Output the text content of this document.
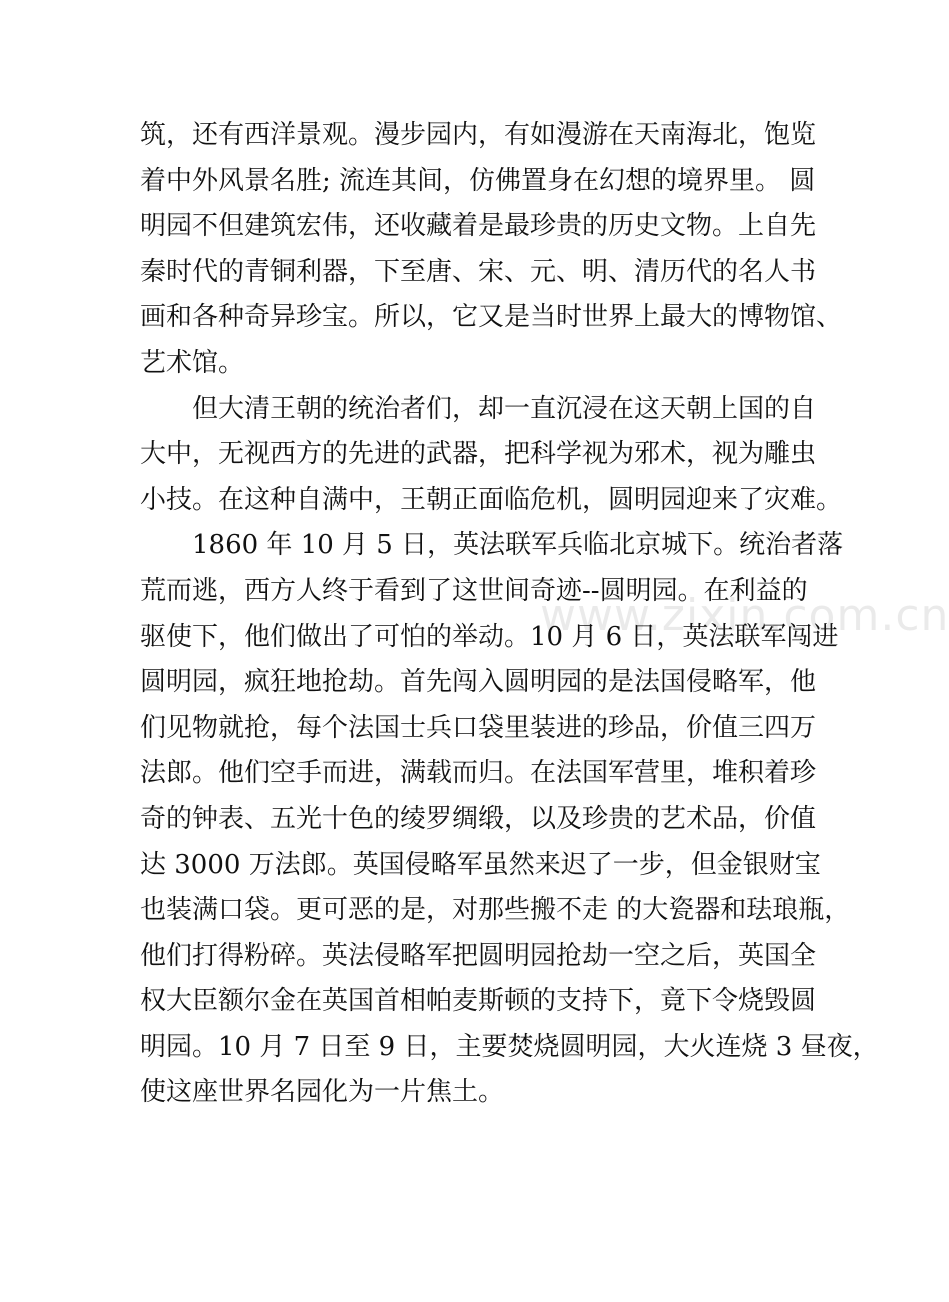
筑，还有西洋景观。漫步园内，有如漫游在天南海北，饱览
着中外风景名胜; 流连其间，仿佛置身在幻想的境界里。 圆
明园不但建筑宏伟，还收藏着是最珍贵的历史文物。上自先
秦时代的青铜利器，下至唐、宋、元、明、清历代的名人书
画和各种奇异珍宝。所以，它又是当时世界上最大的博物馆、
艺术馆。
但大清王朝的统治者们，却一直沉浸在这天朝上国的自
大中，无视西方的先进的武器，把科学视为邪术，视为雕虫
小技。在这种自满中，王朝正面临危机，圆明园迎来了灾难。
1860 年 10 月 5 日，英法联军兵临北京城下。统治者落
荒而逃，西方人终于看到了这世间奇迹--圆明园。在利益的
驱使下，他们做出了可怕的举动。10 月 6 日，英法联军闯进
圆明园，疯狂地抢劫。首先闯入圆明园的是法国侵略军，他
们见物就抢，每个法国士兵口袋里装进的珍品，价值三四万
法郎。他们空手而进，满载而归。在法国军营里，堆积着珍
奇的钟表、五光十色的绫罗绸缎，以及珍贵的艺术品，价值
达 3000 万法郎。英国侵略军虽然来迟了一步，但金银财宝
也装满口袋。更可恶的是，对那些搬不走 的大瓷器和珐琅瓶，
他们打得粉碎。英法侵略军把圆明园抢劫一空之后，英国全
权大臣额尔金在英国首相帕麦斯顿的支持下，竟下令烧毁圆
明园。10 月 7 日至 9 日，主要焚烧圆明园，大火连烧 3 昼夜，
使这座世界名园化为一片焦土。
www.zixin.com.cn
